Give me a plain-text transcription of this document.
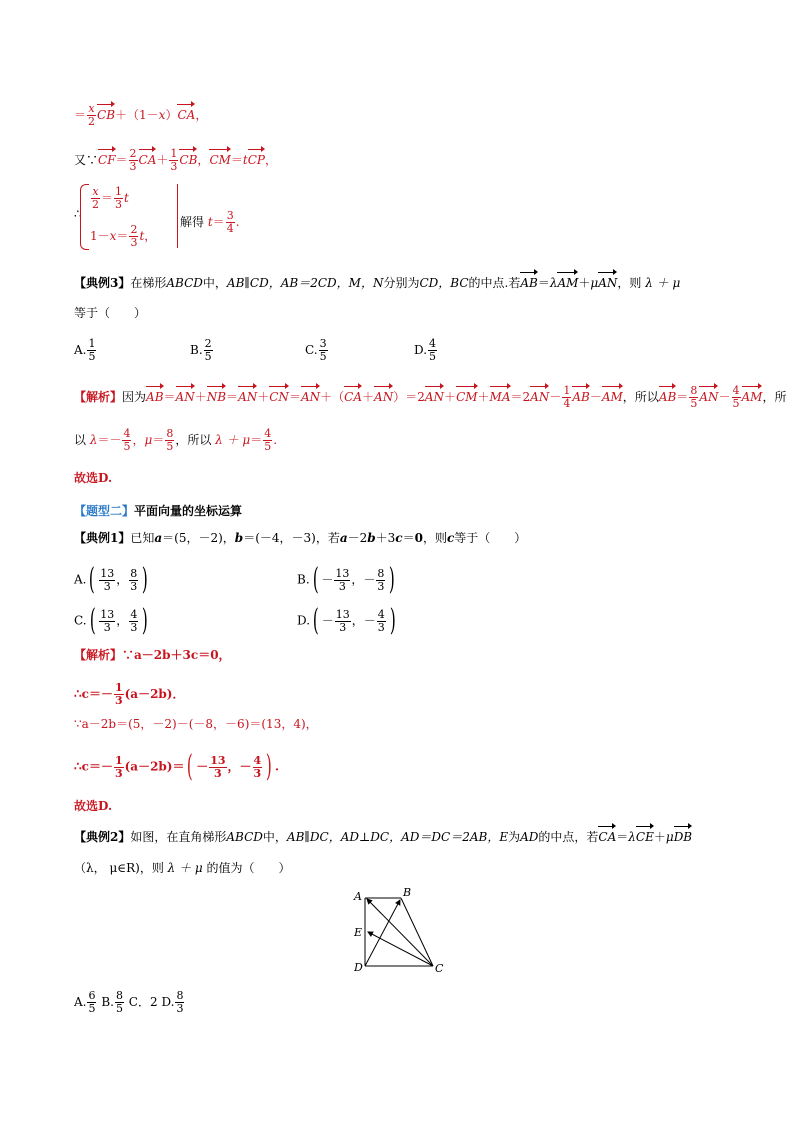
＝ $\frac{x}{2} CB+(1-x)CA$，
又∵CF＝ $\frac{2}{3} CA+ \frac{1}{3}$ CB，CM＝tCP，
∴
$\frac{x}{2} = \frac{1}{3}$ t
$1-x= \frac{2}{3}$ t，
解得 $t= \frac{3}{4}$ .
【典例3】在梯形ABCD中，AB∥CD，AB＝2CD，M，N分别为CD，BC的中点.若AB＝λAM＋μAN，则 λ ＋ μ
等于（　　）
A. $\frac{1}{5}$	B. $\frac{2}{5}$	C. $\frac{3}{5}$	D. $\frac{4}{5}$
【解析】因为$AB=AN+NB=AN+CN=AN+(CA+AN)=2AN+CM+MA=2AN- \frac{1}{4} AB-AM$，所以$AB= \frac{8}{5} AN- \frac{4}{5}$ AM，所
以 $\lambda=- \frac{4}{5}$ ，$\mu= \frac{8}{5}$ ，所以 $\lambda + \mu= \frac{4}{5}$ .
故选D.
【题型二】平面向量的坐标运算
【典例1】已知a＝(5，－2)，b＝(－4，－3)，若a－2b＋3c＝0，则c等于（　　）
$A.( \frac{13}{3}$ ， $\frac{8}{3}$ )	$B.( - \frac{13}{3}$ ，－ $\frac{8}{3}$ )
$C.( \frac{13}{3}$ ， $\frac{4}{3}$ )	$D.( - \frac{13}{3}$ ，－ $\frac{4}{3}$ )
【解析】∵a－2b＋3c＝0，
∴c＝－ $\frac{1}{3} (a-2b)$．
∵a－2b＝(5，－2)－(－8，－6)＝(13，4)，
∴c＝－ $\frac{1}{3} (a-2b)=( - \frac{13}{3}$ ，－ $\frac{4}{3}$ ) .
故选D.
【典例2】如图，在直角梯形ABCD中，AB∥DC，AD⊥DC，AD＝DC＝2AB，E为AD的中点，若CA＝λCE＋μDB
（λ， μ∈R)，则 λ ＋ μ 的值为（　　）
A	B
C
D
E
A. $\frac{6}{5} B$. $\frac{8}{5}$ C．2 D. $\frac{8}{3}$
